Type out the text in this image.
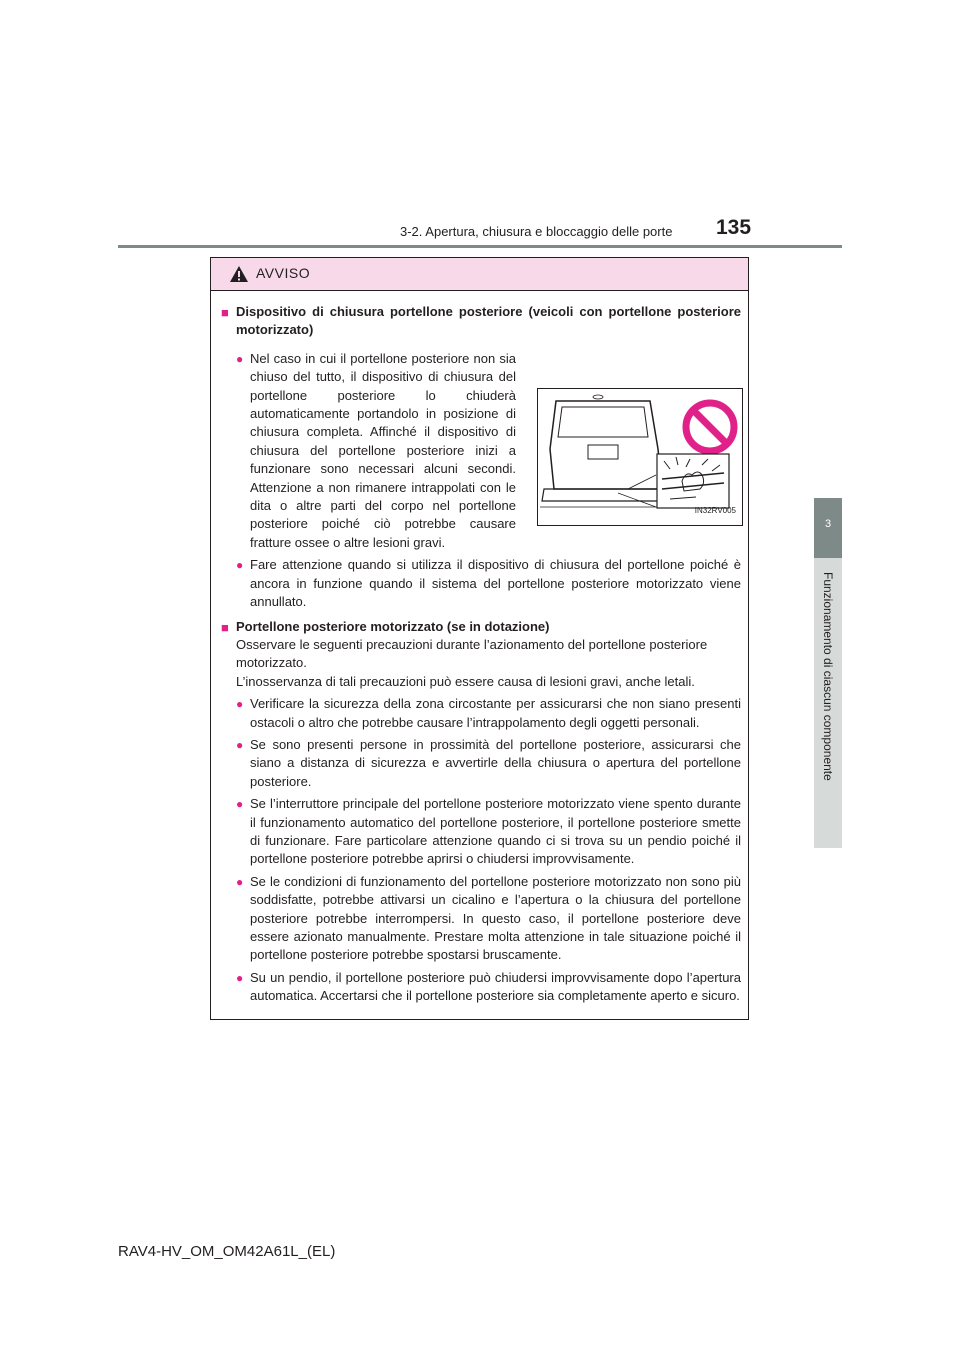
3-2. Apertura, chiusura e bloccaggio delle porte 135
3
Funzionamento di ciascun componente
AVVISO
■ Dispositivo di chiusura portellone posteriore (veicoli con portellone posteriore motorizzato)
● Nel caso in cui il portellone posteriore non sia chiuso del tutto, il dispositivo di chiusura del portellone posteriore lo chiuderà automaticamente portandolo in posizione di chiusura completa. Affinché il dispositivo di chiusura del portellone posteriore inizi a funzionare sono necessari alcuni secondi. Attenzione a non rimanere intrappolati con le dita o altre parti del corpo nel portellone posteriore poiché ciò potrebbe causare fratture ossee o altre lesioni gravi.
● Fare attenzione quando si utilizza il dispositivo di chiusura del portellone poiché è ancora in funzione quando il sistema del portellone posteriore motorizzato viene annullato.
■ Portellone posteriore motorizzato (se in dotazione)
Osservare le seguenti precauzioni durante l’azionamento del portellone posteriore motorizzato.
L’inosservanza di tali precauzioni può essere causa di lesioni gravi, anche letali.
● Verificare la sicurezza della zona circostante per assicurarsi che non siano presenti ostacoli o altro che potrebbe causare l’intrappolamento degli oggetti personali.
● Se sono presenti persone in prossimità del portellone posteriore, assicurarsi che siano a distanza di sicurezza e avvertirle della chiusura o apertura del portellone posteriore.
● Se l’interruttore principale del portellone posteriore motorizzato viene spento durante il funzionamento automatico del portellone posteriore, il portellone posteriore smette di funzionare. Fare particolare attenzione quando ci si trova su un pendio poiché il portellone posteriore potrebbe aprirsi o chiudersi improvvisamente.
● Se le condizioni di funzionamento del portellone posteriore motorizzato non sono più soddisfatte, potrebbe attivarsi un cicalino e l’apertura o la chiusura del portellone posteriore potrebbe interrompersi. In questo caso, il portellone posteriore deve essere azionato manualmente. Prestare molta attenzione in tale situazione poiché il portellone posteriore potrebbe spostarsi bruscamente.
● Su un pendio, il portellone posteriore può chiudersi improvvisamente dopo l’apertura automatica. Accertarsi che il portellone posteriore sia completamente aperto e sicuro.
IN32RV005
RAV4-HV_OM_OM42A61L_(EL)
